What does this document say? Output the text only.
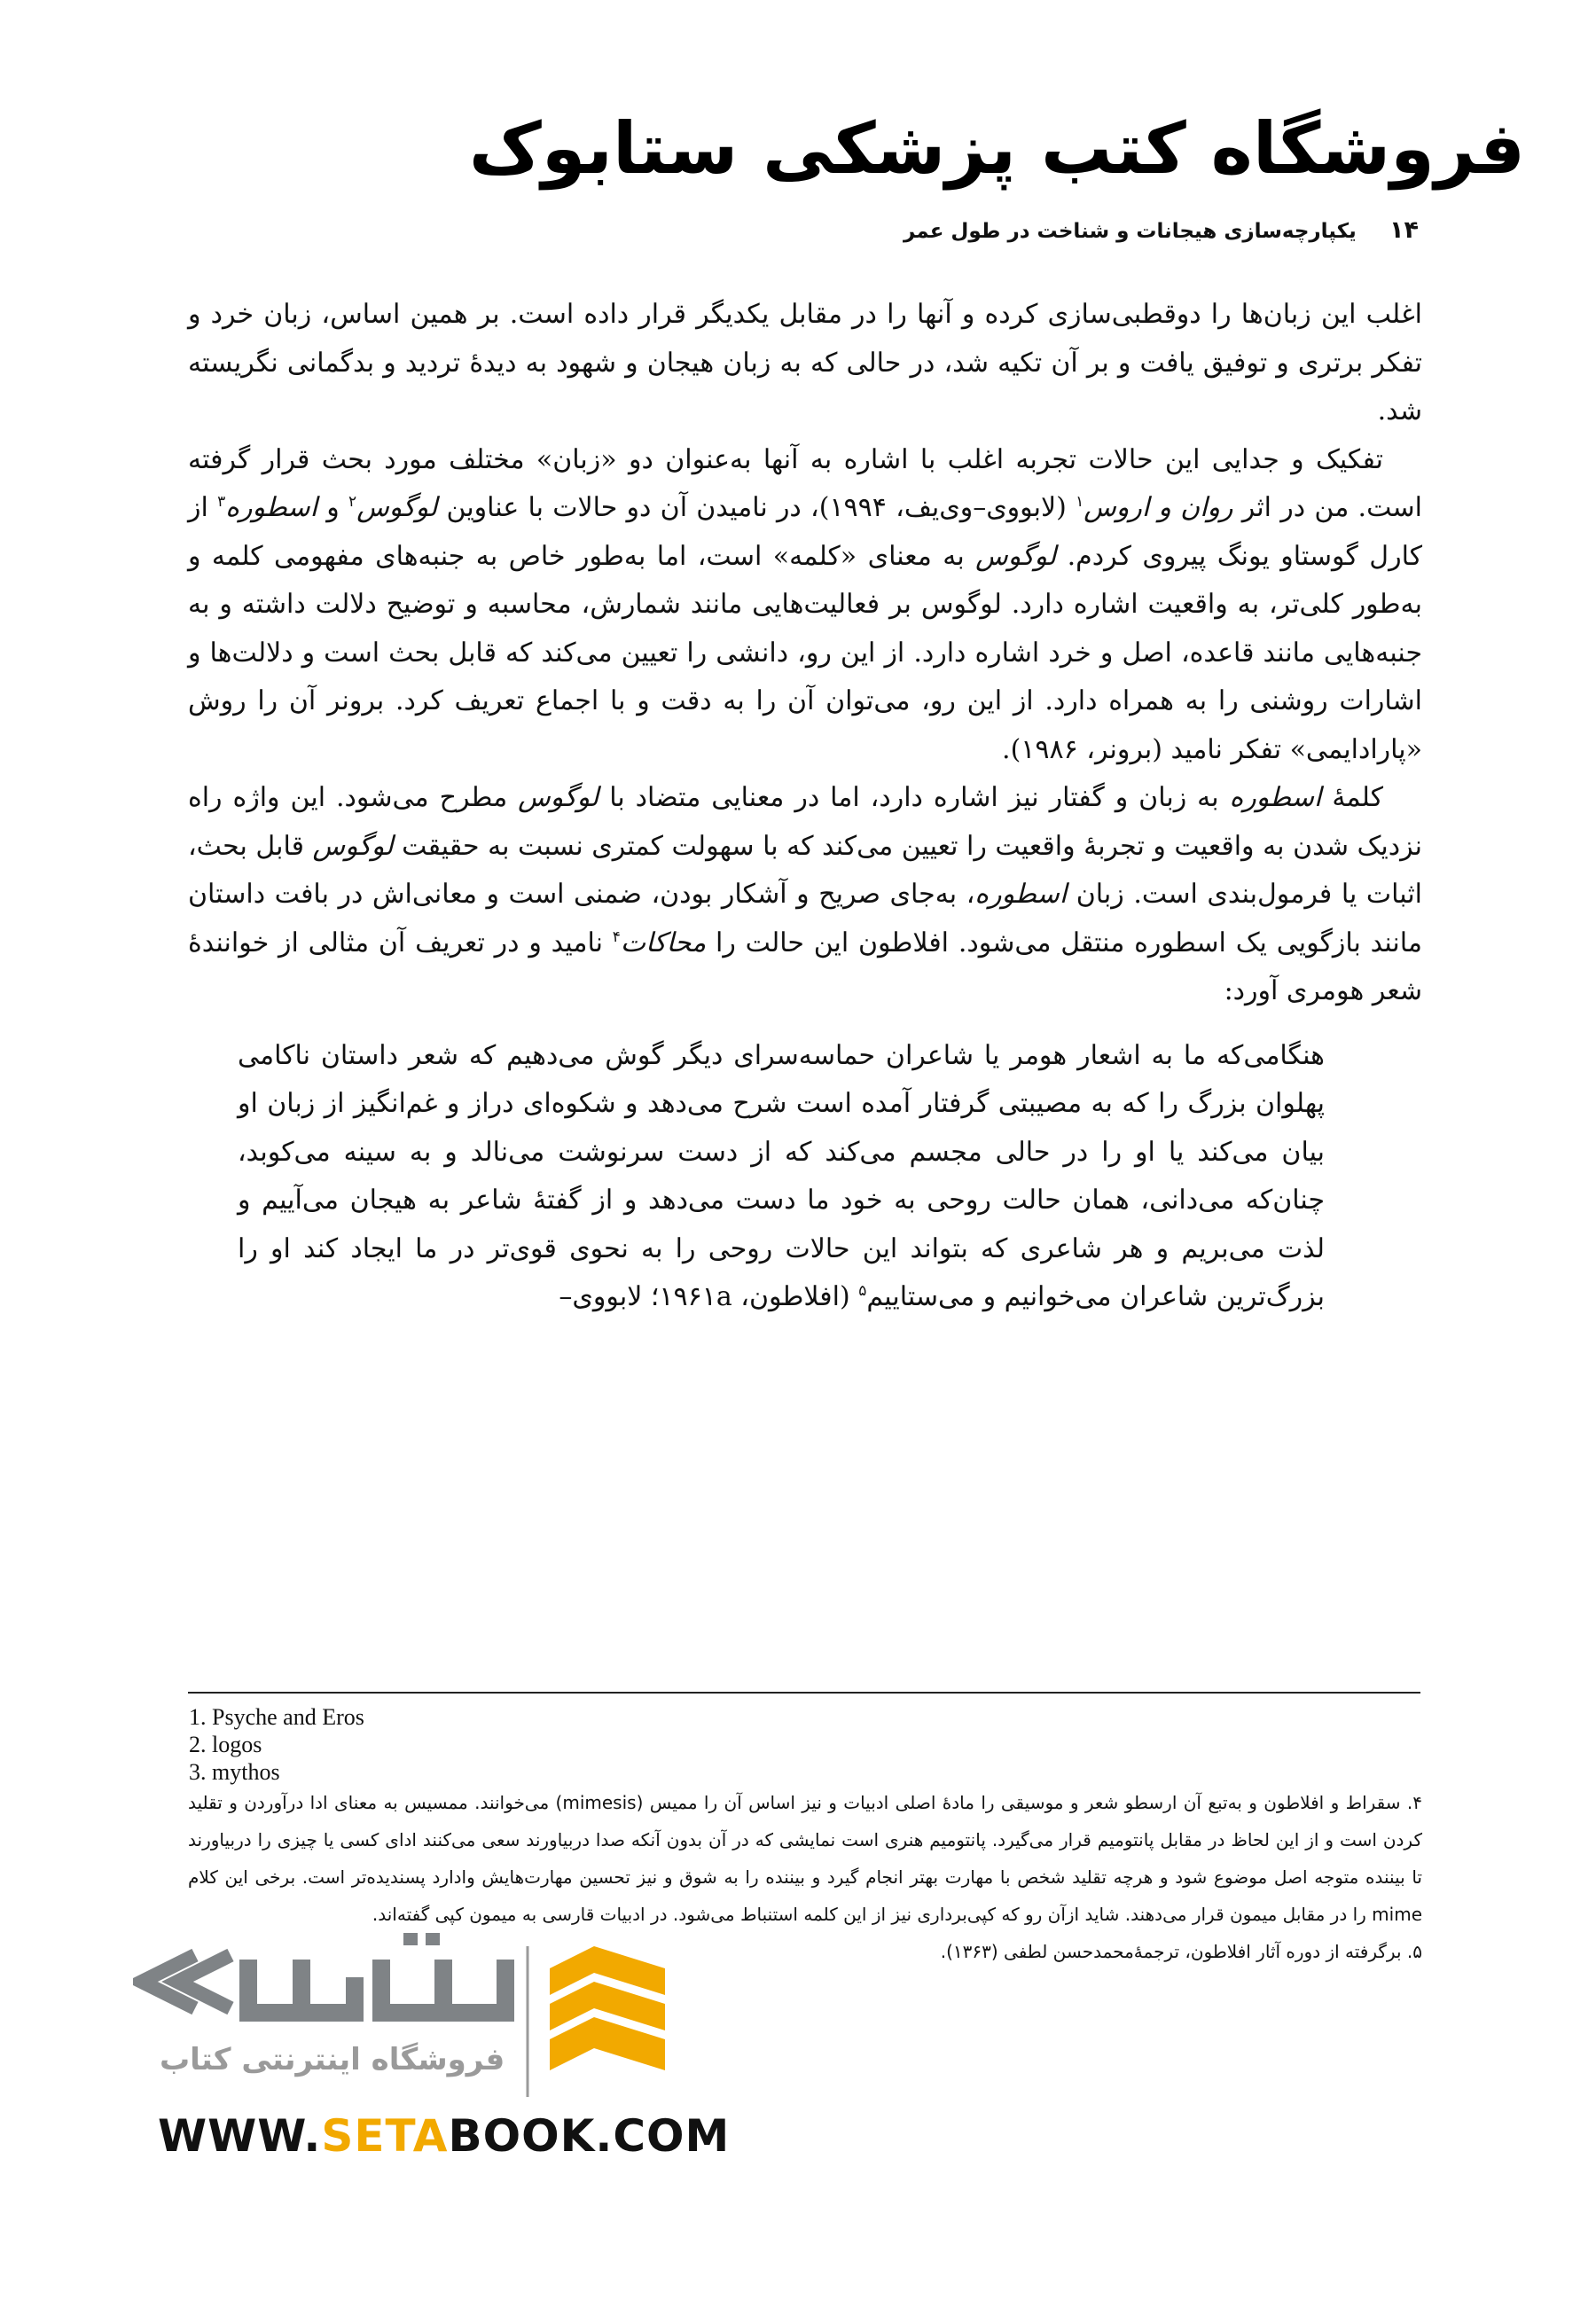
فروشگاه کتب پزشکی ستابوک
۱۴ یکپارچه‌سازی هیجانات و شناخت در طول عمر

اغلب این زبان‌ها را دوقطبی‌سازی کرده و آنها را در مقابل یکدیگر قرار داده است. بر همین اساس، زبان خرد و تفکر برتری و توفیق یافت و بر آن تکیه شد، در حالی که به زبان هیجان و شهود به دیدهٔ تردید و بدگمانی نگریسته شد.

تفکیک و جدایی این حالات تجربه اغلب با اشاره به آنها به‌عنوان دو «زبان» مختلف مورد بحث قرار گرفته است. من در اثر روان و اروس$^۱$ (لابووی–وی‌یف، ۱۹۹۴)، در نامیدن آن دو حالات با عناوین لوگوس$^۲$ و اسطوره$^۳$ از کارل گوستاو یونگ پیروی کردم. لوگوس به معنای «کلمه» است، اما به‌طور خاص به جنبه‌های مفهومی کلمه و به‌طور کلی‌تر، به واقعیت اشاره دارد. لوگوس بر فعالیت‌هایی مانند شمارش، محاسبه و توضیح دلالت داشته و به جنبه‌هایی مانند قاعده، اصل و خرد اشاره دارد. از این رو، دانشی را تعیین می‌کند که قابل بحث است و دلالت‌ها و اشارات روشنی را به همراه دارد. از این رو، می‌توان آن را به دقت و با اجماع تعریف کرد. برونر آن را روش «پارادایمی» تفکر نامید (برونر، ۱۹۸۶).

کلمهٔ اسطوره به زبان و گفتار نیز اشاره دارد، اما در معنایی متضاد با لوگوس مطرح می‌شود. این واژه راه نزدیک شدن به واقعیت و تجربهٔ واقعیت را تعیین می‌کند که با سهولت کمتری نسبت به حقیقت لوگوس قابل بحث، اثبات یا فرمول‌بندی است. زبان اسطوره، به‌جای صریح و آشکار بودن، ضمنی است و معانی‌اش در بافت داستان مانند بازگویی یک اسطوره منتقل می‌شود. افلاطون این حالت را محاکات$^۴$ نامید و در تعریف آن مثالی از خوانندهٔ شعر هومری آورد:

هنگامی‌که ما به اشعار هومر یا شاعران حماسه‌سرای دیگر گوش می‌دهیم که شعر داستان ناکامی پهلوان بزرگ را که به مصیبتی گرفتار آمده است شرح می‌دهد و شکوه‌ای دراز و غم‌انگیز از زبان او بیان می‌کند یا او را در حالی مجسم می‌کند که از دست سرنوشت می‌نالد و به سینه می‌کوبد، چنان‌که می‌دانی، همان حالت روحی به خود ما دست می‌دهد و از گفتهٔ شاعر به هیجان می‌آییم و لذت می‌بریم و هر شاعری که بتواند این حالات روحی را به نحوی قوی‌تر در ما ایجاد کند او را بزرگ‌ترین شاعران می‌خوانیم و می‌ستاییم$^۵$ (افلاطون، ۱۹۶۱a؛ لابووی–

1. Psyche and Eros
2. logos
3. mythos

۴. سقراط و افلاطون و به‌تبع آن ارسطو شعر و موسیقی را مادهٔ اصلی ادبیات و نیز اساس آن را ممیس (mimesis) می‌خوانند. ممسیس به معنای ادا درآوردن و تقلید کردن است و از این لحاظ در مقابل پانتومیم قرار می‌گیرد. پانتومیم هنری است نمایشی که در آن بدون آنکه صدا دربیاورند سعی می‌کنند ادای کسی یا چیزی را دربیاورند تا بیننده متوجه اصل موضوع شود و هرچه تقلید شخص با مهارت بهتر انجام گیرد و بیننده را به شوق و نیز تحسین مهارت‌هایش وادارد پسندیده‌تر است. برخی این کلام mime را در مقابل میمون قرار می‌دهند. شاید ازآن رو که کپی‌برداری نیز از این کلمه استنباط می‌شود. در ادبیات قارسی به میمون کپی گفته‌اند.

۵. برگرفته از دوره آثار افلاطون، ترجمهٔ‌محمدحسن لطفی (۱۳۶۳).

فروشگاه اینترنتی کتاب
WWW.SETABOOK.COM
